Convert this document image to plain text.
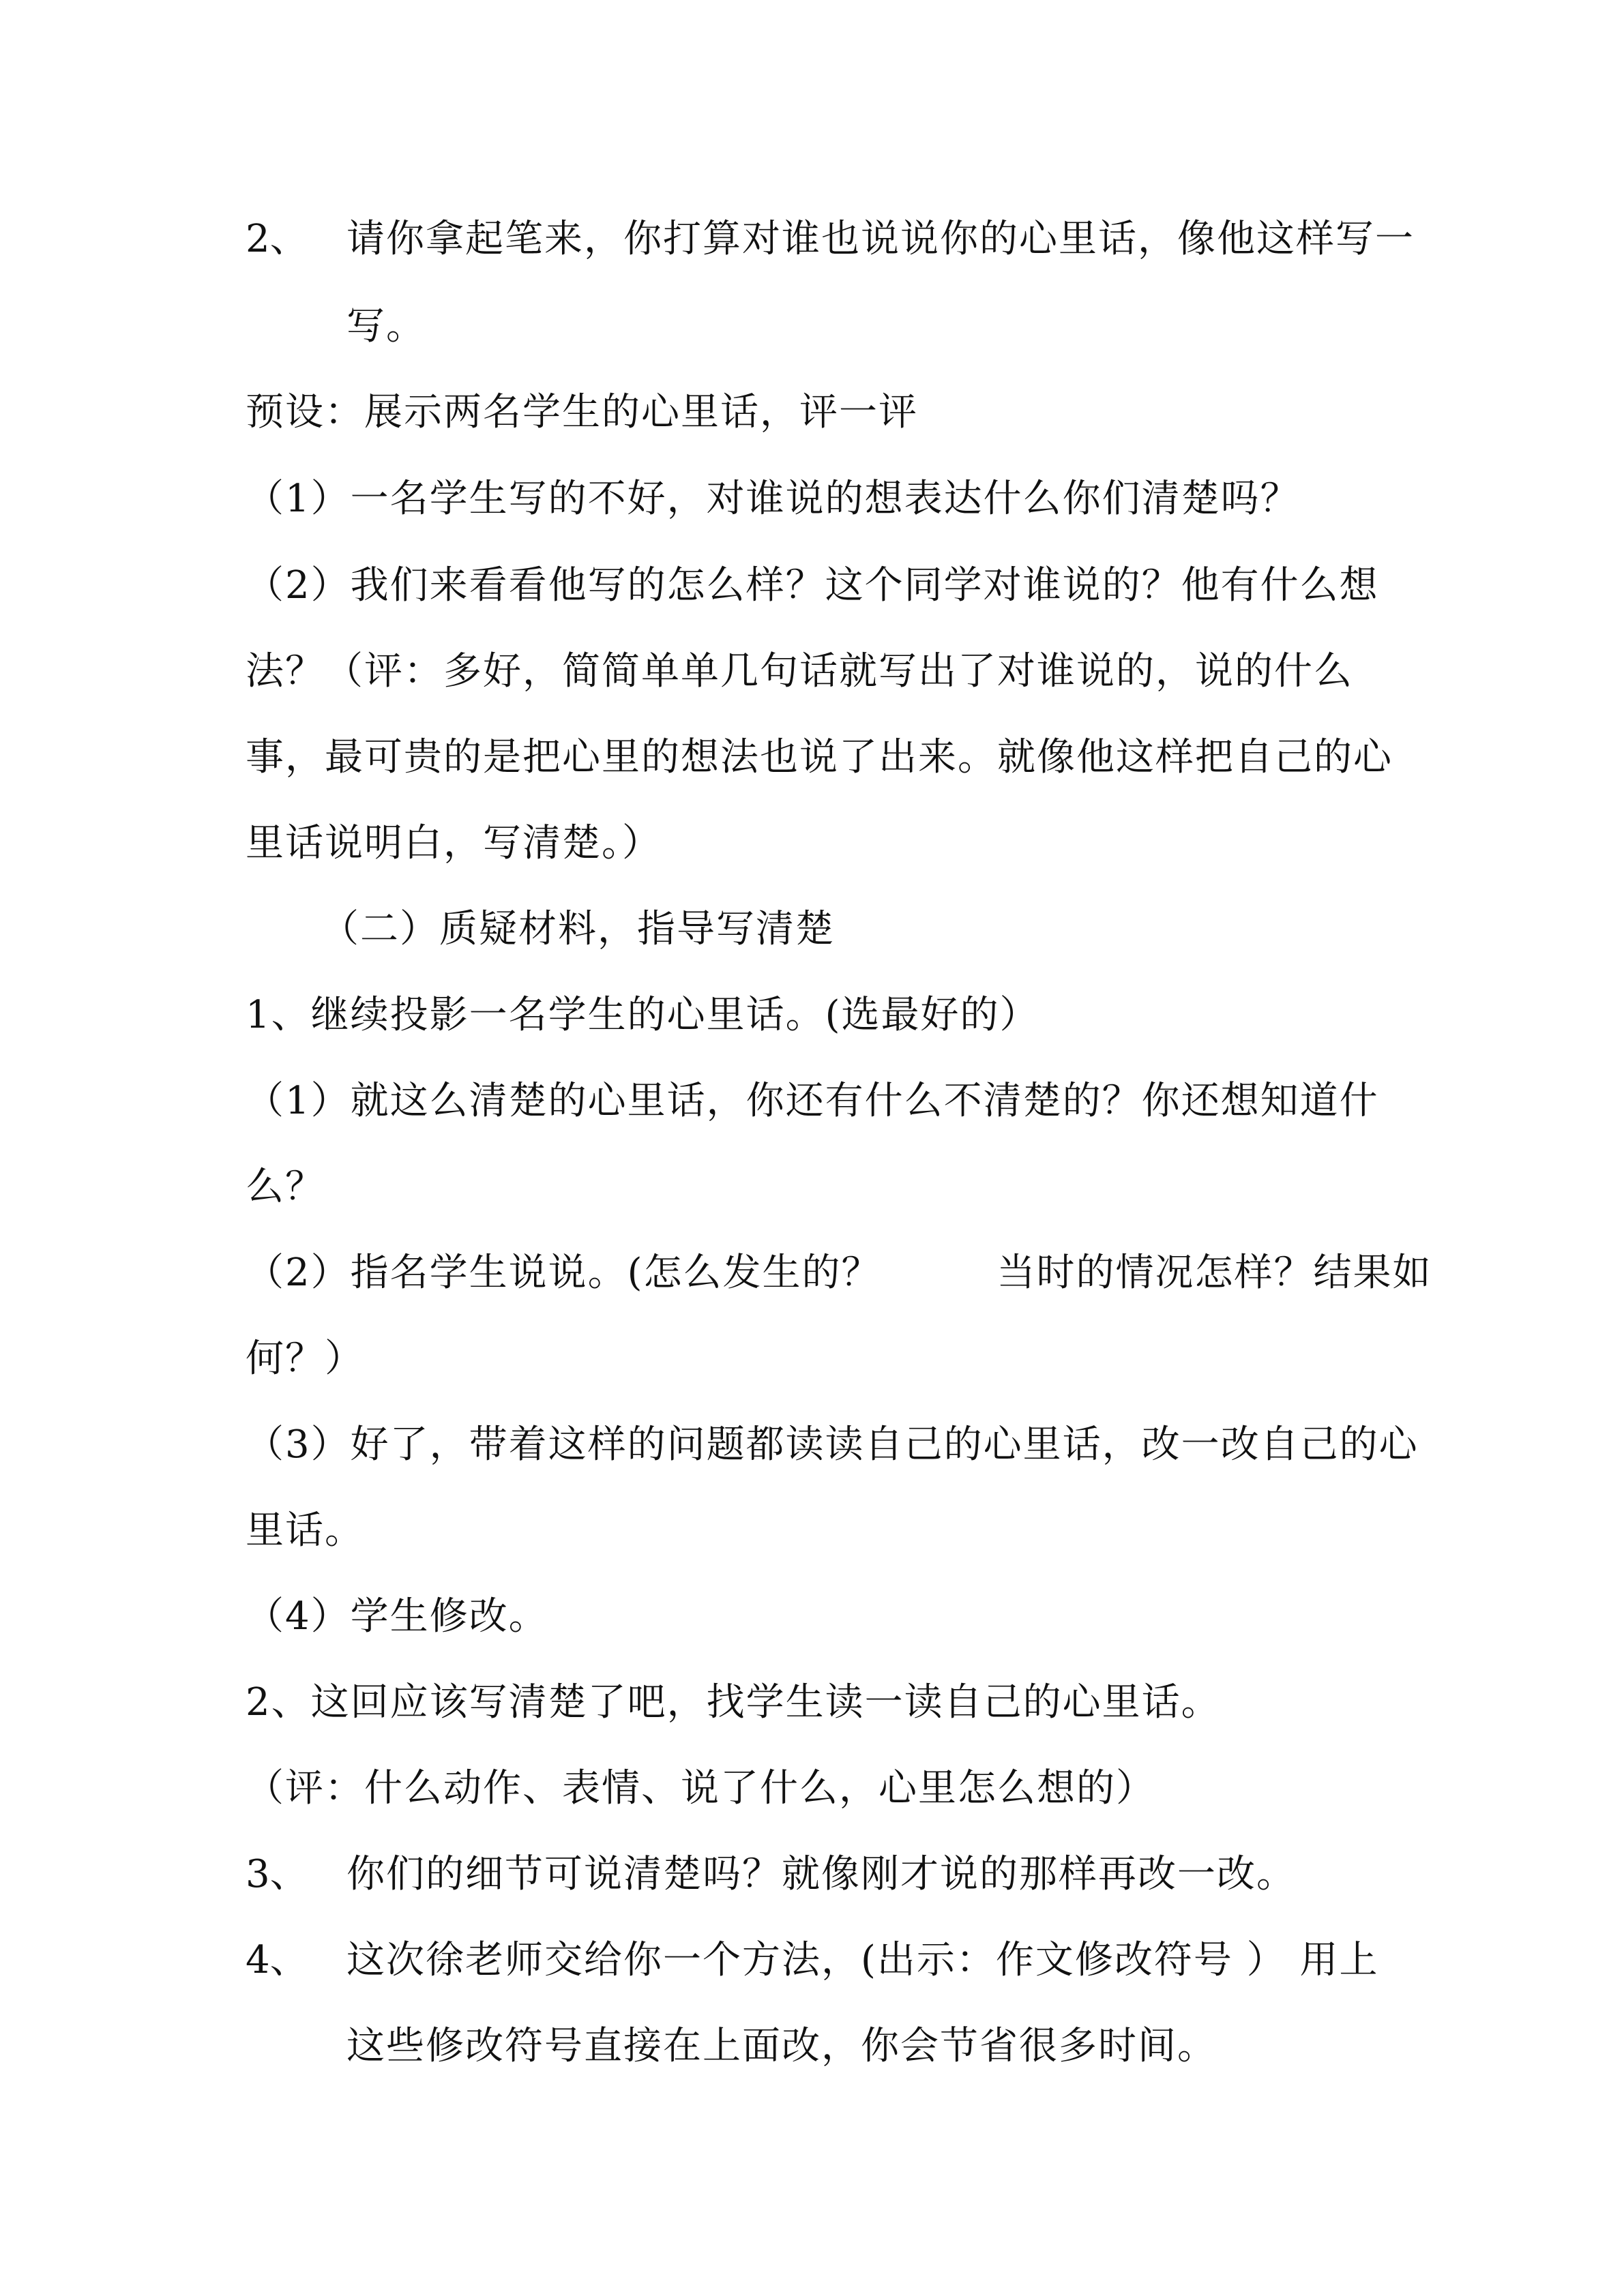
2、 请你拿起笔来，你打算对谁也说说你的心里话，像他这样写一
写。
预设：展示两名学生的心里话，评一评
（1）一名学生写的不好，对谁说的想表达什么你们清楚吗？
（2）我们来看看他写的怎么样？这个同学对谁说的？他有什么想
法？（评：多好，简简单单几句话就写出了对谁说的，说的什么
事，最可贵的是把心里的想法也说了出来。就像他这样把自己的心
里话说明白，写清楚。）
（二）质疑材料，指导写清楚
1、继续投影一名学生的心里话。(选最好的）
（1）就这么清楚的心里话，你还有什么不清楚的？你还想知道什
么？
（2）指名学生说说。(怎么发生的？	当时的情况怎样？结果如
何？）
（3）好了，带着这样的问题都读读自己的心里话，改一改自己的心
里话。
（4）学生修改。
2、这回应该写清楚了吧，找学生读一读自己的心里话。
（评：什么动作、表情、说了什么，心里怎么想的）
3、 你们的细节可说清楚吗？就像刚才说的那样再改一改。
4、 这次徐老师交给你一个方法，(出示：作文修改符号 ） 用上
这些修改符号直接在上面改，你会节省很多时间。
